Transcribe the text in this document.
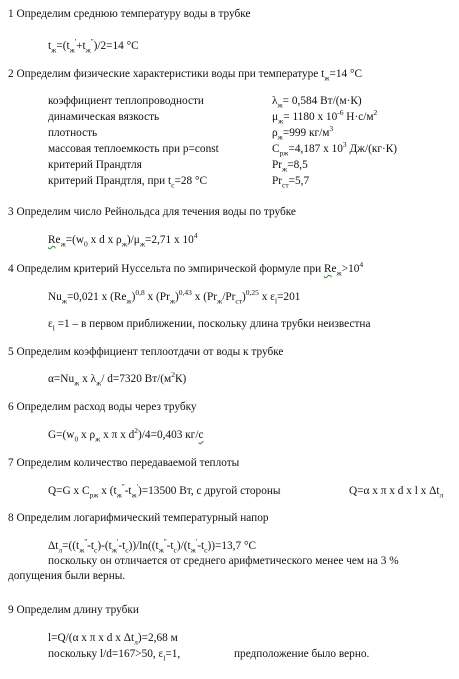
1 Определим среднюю температуру воды в трубке
$t_ж=(t_ж'+t_ж'')/2=14$ °C
2 Определим физические характеристики воды при температуре $t_ж=14$ °C
коэффициент теплопроводности	$\lambda_ж= 0,584$ Вт/(м·К)
динамическая вязкость	$\mu_ж= 1180$ x $10^{-6}$ $Н\cdot с/м^2$
плотность	$\rho_ж=999$ $кг/м^3$
массовая теплоемкость при p=const	$С_{рж}=4,187$ x $10^3$ Дж/(кг·К)
критерий Прандтля	$Pr_ж=8,5$
критерий Прандтля, при $t_с=28$ °C	$Pr_{ст}=5,7$
3 Определим число Рейнольдса для течения воды по трубке
$Re_ж=(w_0$ x d x $\rho_ж)/\mu_ж=2,71$ x $10^4$
4 Определим критерий Нуссельта по эмпирической формуле при $Re_ж>10^4$
$Nu_ж=0,021$ x $(Re_ж)^{0,8}$ x $(Pr_ж)^{0,43}$ x $(Pr_ж/Pr_{ст})^{0,25}$ x $\varepsilon_l=201$
$\varepsilon_l =1 - в$ первом приближении, поскольку длина трубки неизвестна
5 Определим коэффициент теплоотдачи от воды к трубке
$\alpha=Nu_ж$ x $\lambda_ж/$ d=7320 $Вт/(м^2К)$
6 Определим расход воды через трубку
$G=(w_0$ x $\rho_ж$ x π x $d^2)/4=0,403$ кг/с
7 Определим количество передаваемой теплоты
Q=G x $С_{рж}$ x $(t_ж''-t_ж')=13500$ Вт, с другой стороны	Q=α x π x d x l x $\Delta t_л$
8 Определим логарифмический температурный напор
$\Delta t_л=((t_ж''-t_с)-(t_ж'-t_с))/\ln((t_ж''-t_с)/(t_ж'-t_с))=13,7$ °C
поскольку он отличается от среднего арифметического менее чем на 3 %
допущения были верны.
9 Определим длину трубки
l=Q/(α x π x d x $\Delta t_л)=2,68$ м
поскольку l/d=167>50, $\varepsilon_l=1$,	предположение было верно.
